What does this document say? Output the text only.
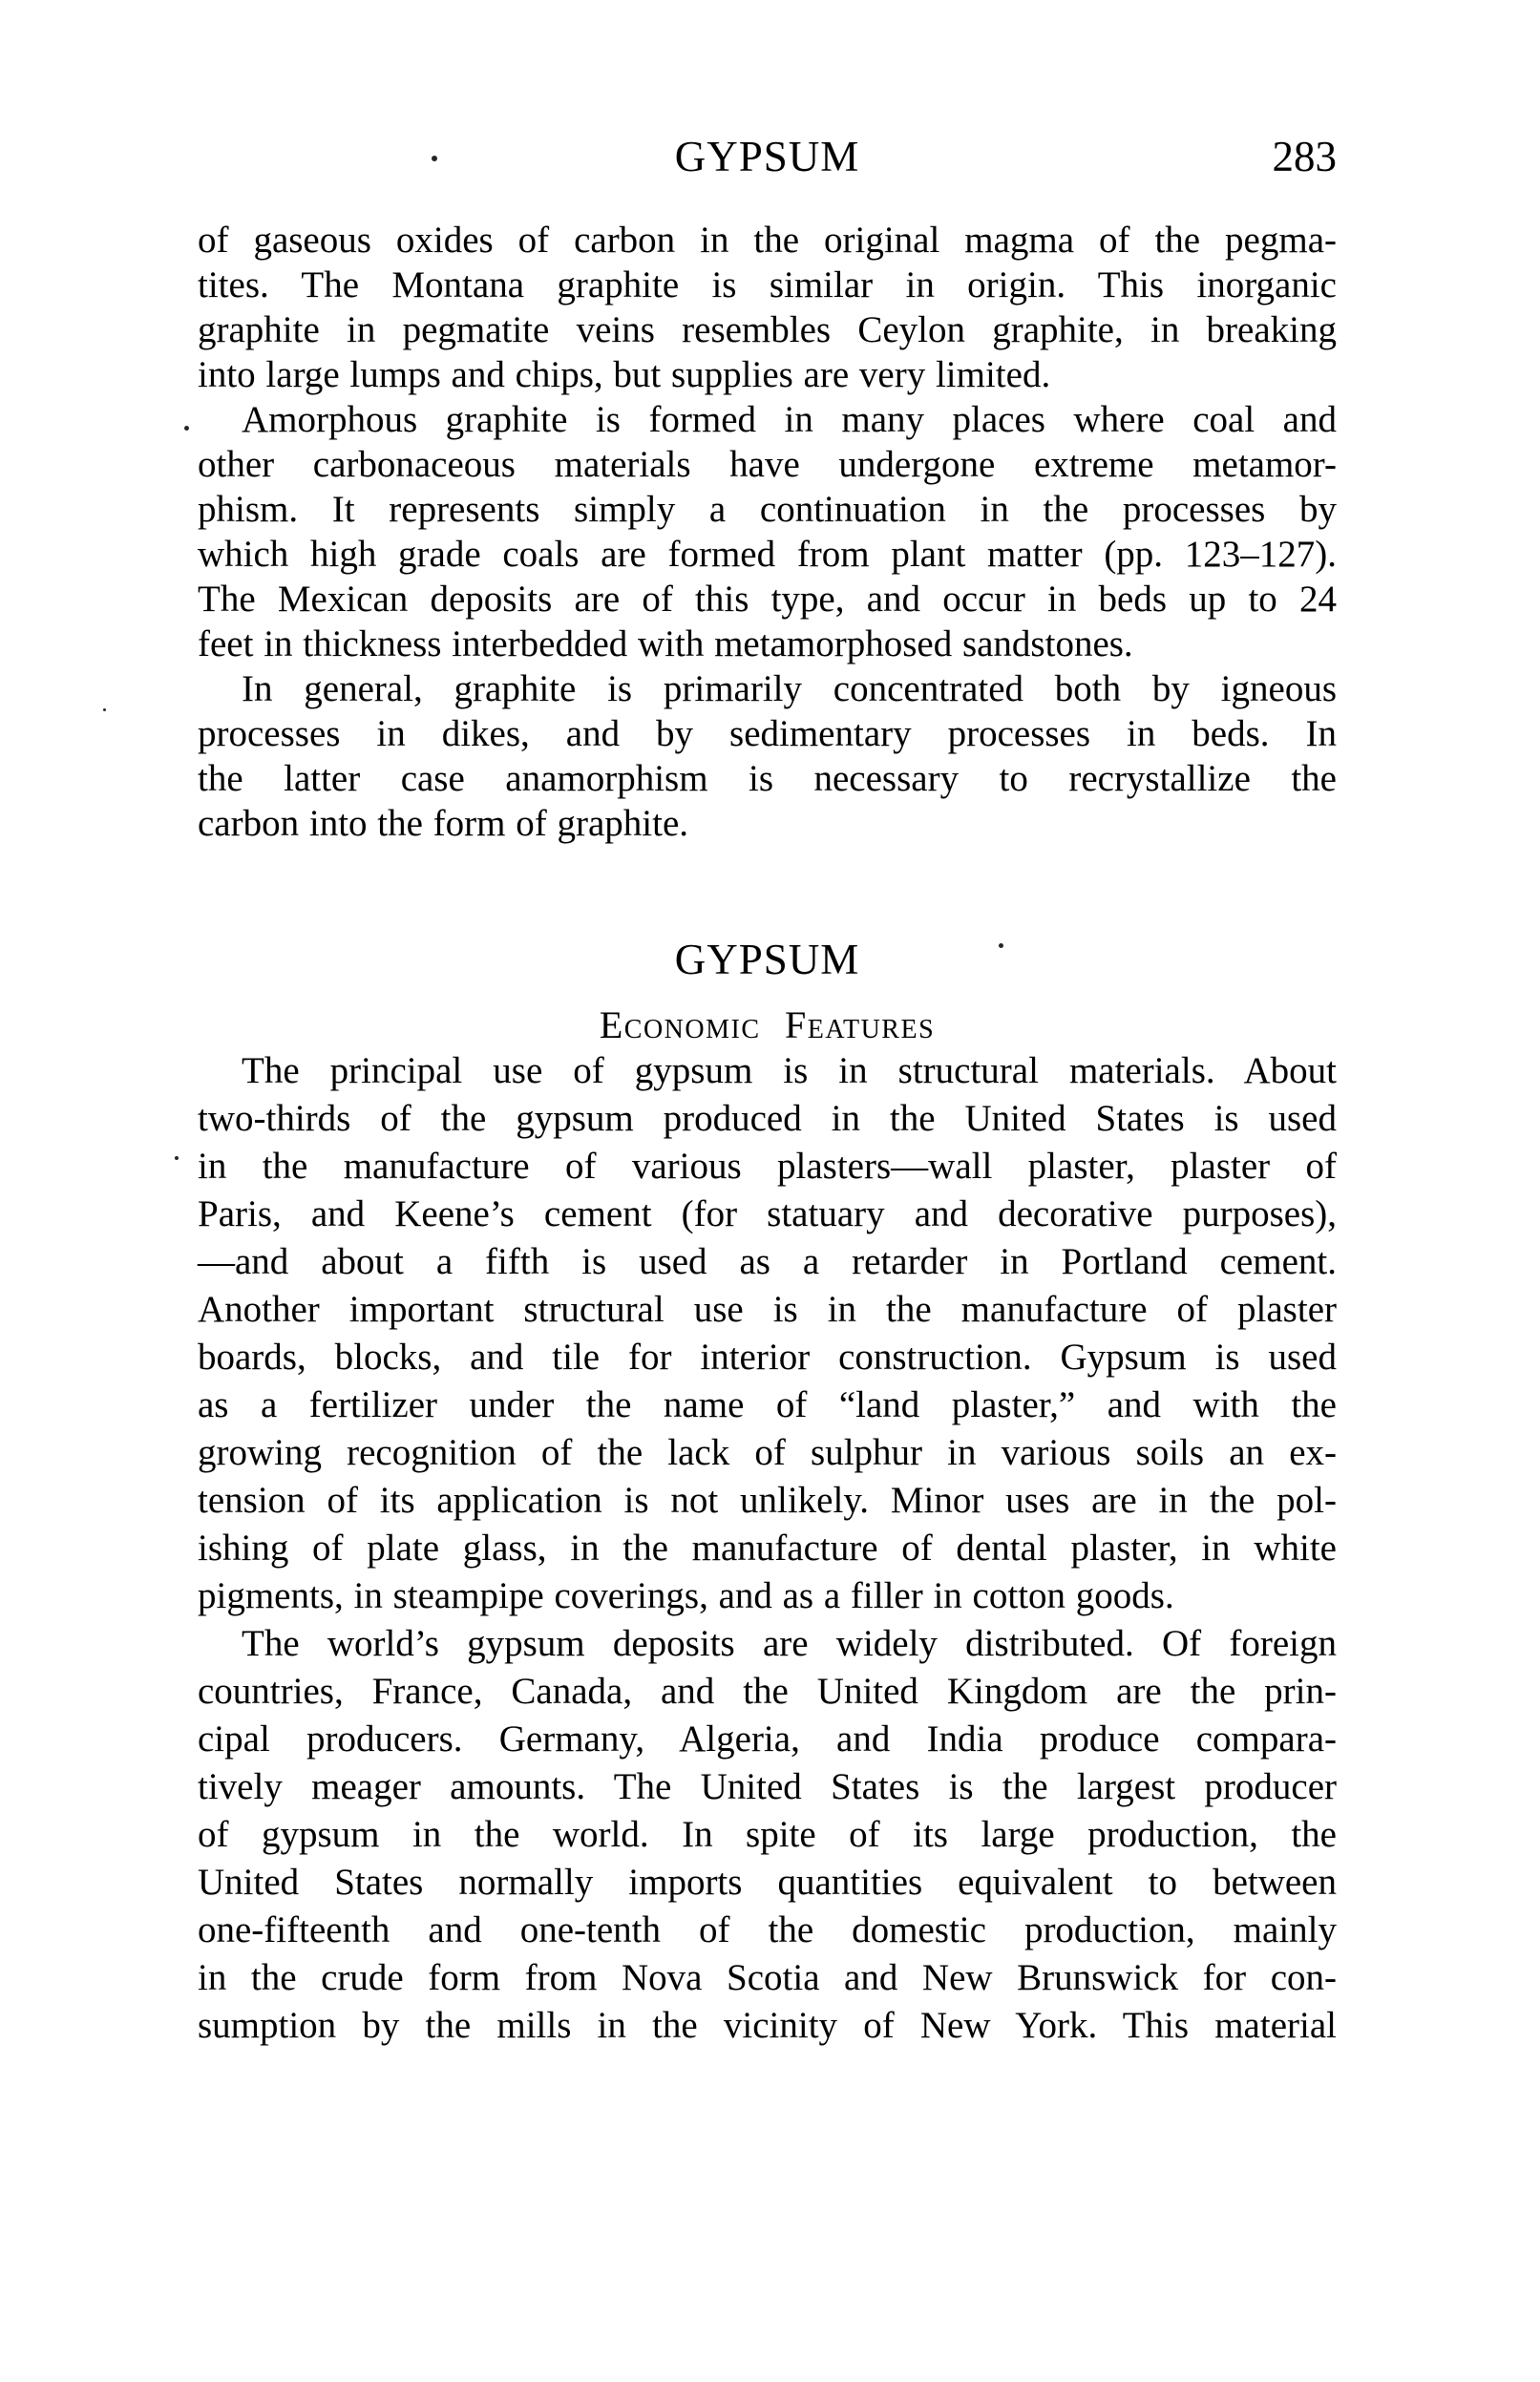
GYPSUM	283
of gaseous oxides of carbon in the original magma of the pegma-
tites. The Montana graphite is similar in origin. This inorganic
graphite in pegmatite veins resembles Ceylon graphite, in breaking
into large lumps and chips, but supplies are very limited.
Amorphous graphite is formed in many places where coal and
other carbonaceous materials have undergone extreme metamor-
phism. It represents simply a continuation in the processes by
which high grade coals are formed from plant matter (pp. 123–127).
The Mexican deposits are of this type, and occur in beds up to 24
feet in thickness interbedded with metamorphosed sandstones.
In general, graphite is primarily concentrated both by igneous
processes in dikes, and by sedimentary processes in beds. In
the latter case anamorphism is necessary to recrystallize the
carbon into the form of graphite.
GYPSUM
Economic Features
The principal use of gypsum is in structural materials. About
two-thirds of the gypsum produced in the United States is used
in the manufacture of various plasters—wall plaster, plaster of
Paris, and Keene’s cement (for statuary and decorative purposes),
—and about a fifth is used as a retarder in Portland cement.
Another important structural use is in the manufacture of plaster
boards, blocks, and tile for interior construction. Gypsum is used
as a fertilizer under the name of “land plaster,” and with the
growing recognition of the lack of sulphur in various soils an ex-
tension of its application is not unlikely. Minor uses are in the pol-
ishing of plate glass, in the manufacture of dental plaster, in white
pigments, in steampipe coverings, and as a filler in cotton goods.
The world’s gypsum deposits are widely distributed. Of foreign
countries, France, Canada, and the United Kingdom are the prin-
cipal producers. Germany, Algeria, and India produce compara-
tively meager amounts. The United States is the largest producer
of gypsum in the world. In spite of its large production, the
United States normally imports quantities equivalent to between
one-fifteenth and one-tenth of the domestic production, mainly
in the crude form from Nova Scotia and New Brunswick for con-
sumption by the mills in the vicinity of New York. This material
